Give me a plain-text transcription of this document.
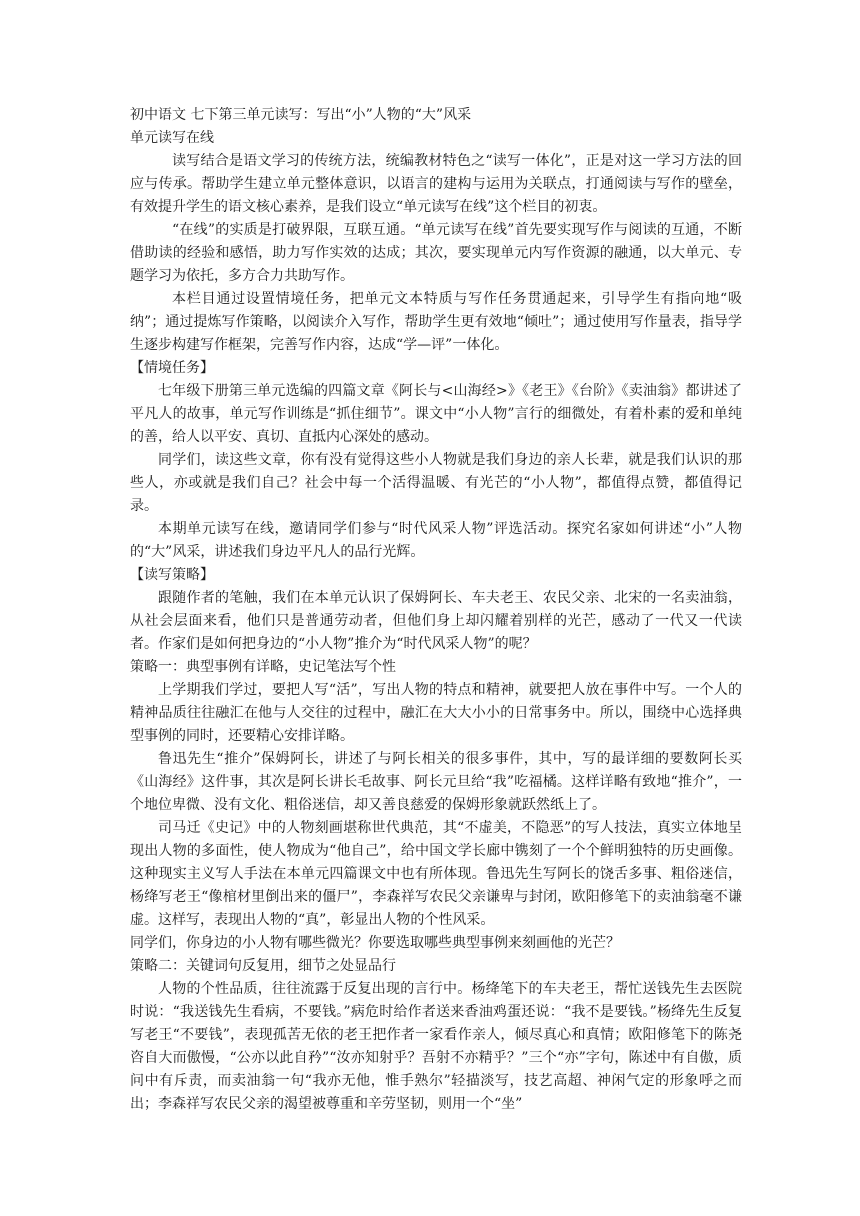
初中语文 七下第三单元读写：写出“小”人物的“大”风采

单元读写在线

读写结合是语文学习的传统方法，统编教材特色之“读写一体化”，正是对这一学习方法的回应与传承。帮助学生建立单元整体意识，以语言的建构与运用为关联点，打通阅读与写作的壁垒，有效提升学生的语文核心素养，是我们设立“单元读写在线”这个栏目的初衷。

“在线”的实质是打破界限，互联互通。“单元读写在线”首先要实现写作与阅读的互通，不断借助读的经验和感悟，助力写作实效的达成；其次，要实现单元内写作资源的融通，以大单元、专题学习为依托，多方合力共助写作。

本栏目通过设置情境任务，把单元文本特质与写作任务贯通起来，引导学生有指向地“吸纳”；通过提炼写作策略，以阅读介入写作，帮助学生更有效地“倾吐”；通过使用写作量表，指导学生逐步构建写作框架，完善写作内容，达成“学—评”一体化。

【情境任务】

七年级下册第三单元选编的四篇文章《阿长与<山海经>》《老王》《台阶》《卖油翁》都讲述了平凡人的故事，单元写作训练是“抓住细节”。课文中“小人物”言行的细微处，有着朴素的爱和单纯的善，给人以平安、真切、直抵内心深处的感动。

同学们，读这些文章，你有没有觉得这些小人物就是我们身边的亲人长辈，就是我们认识的那些人，亦或就是我们自己？社会中每一个活得温暖、有光芒的“小人物”，都值得点赞，都值得记录。

本期单元读写在线，邀请同学们参与“时代风采人物”评选活动。探究名家如何讲述“小”人物的“大”风采，讲述我们身边平凡人的品行光辉。

【读写策略】

跟随作者的笔触，我们在本单元认识了保姆阿长、车夫老王、农民父亲、北宋的一名卖油翁，从社会层面来看，他们只是普通劳动者，但他们身上却闪耀着别样的光芒，感动了一代又一代读者。作家们是如何把身边的“小人物”推介为“时代风采人物”的呢？

策略一：典型事例有详略，史记笔法写个性

上学期我们学过，要把人写“活”，写出人物的特点和精神，就要把人放在事件中写。一个人的精神品质往往融汇在他与人交往的过程中，融汇在大大小小的日常事务中。所以，围绕中心选择典型事例的同时，还要精心安排详略。

鲁迅先生“推介”保姆阿长，讲述了与阿长相关的很多事件，其中，写的最详细的要数阿长买《山海经》这件事，其次是阿长讲长毛故事、阿长元旦给“我”吃福橘。这样详略有致地“推介”，一个地位卑微、没有文化、粗俗迷信，却又善良慈爱的保姆形象就跃然纸上了。

司马迁《史记》中的人物刻画堪称世代典范，其“不虚美，不隐恶”的写人技法，真实立体地呈现出人物的多面性，使人物成为“他自己”，给中国文学长廊中镌刻了一个个鲜明独特的历史画像。这种现实主义写人手法在本单元四篇课文中也有所体现。鲁迅先生写阿长的饶舌多事、粗俗迷信，杨绛写老王“像棺材里倒出来的僵尸”，李森祥写农民父亲谦卑与封闭，欧阳修笔下的卖油翁毫不谦虚。这样写，表现出人物的“真”，彰显出人物的个性风采。

同学们，你身边的小人物有哪些微光？你要选取哪些典型事例来刻画他的光芒？

策略二：关键词句反复用，细节之处显品行

人物的个性品质，往往流露于反复出现的言行中。杨绛笔下的车夫老王，帮忙送钱先生去医院时说：“我送钱先生看病，不要钱。”病危时给作者送来香油鸡蛋还说：“我不是要钱。”杨绛先生反复写老王“不要钱”，表现孤苦无依的老王把作者一家看作亲人，倾尽真心和真情；欧阳修笔下的陈尧咨自大而傲慢，“公亦以此自矜”“汝亦知射乎？吾射不亦精乎？”三个“亦”字句，陈述中有自傲，质问中有斥责，而卖油翁一句“我亦无他，惟手熟尔”轻描淡写，技艺高超、神闲气定的形象呼之而出；李森祥写农民父亲的渴望被尊重和辛劳坚韧，则用一个“坐”
